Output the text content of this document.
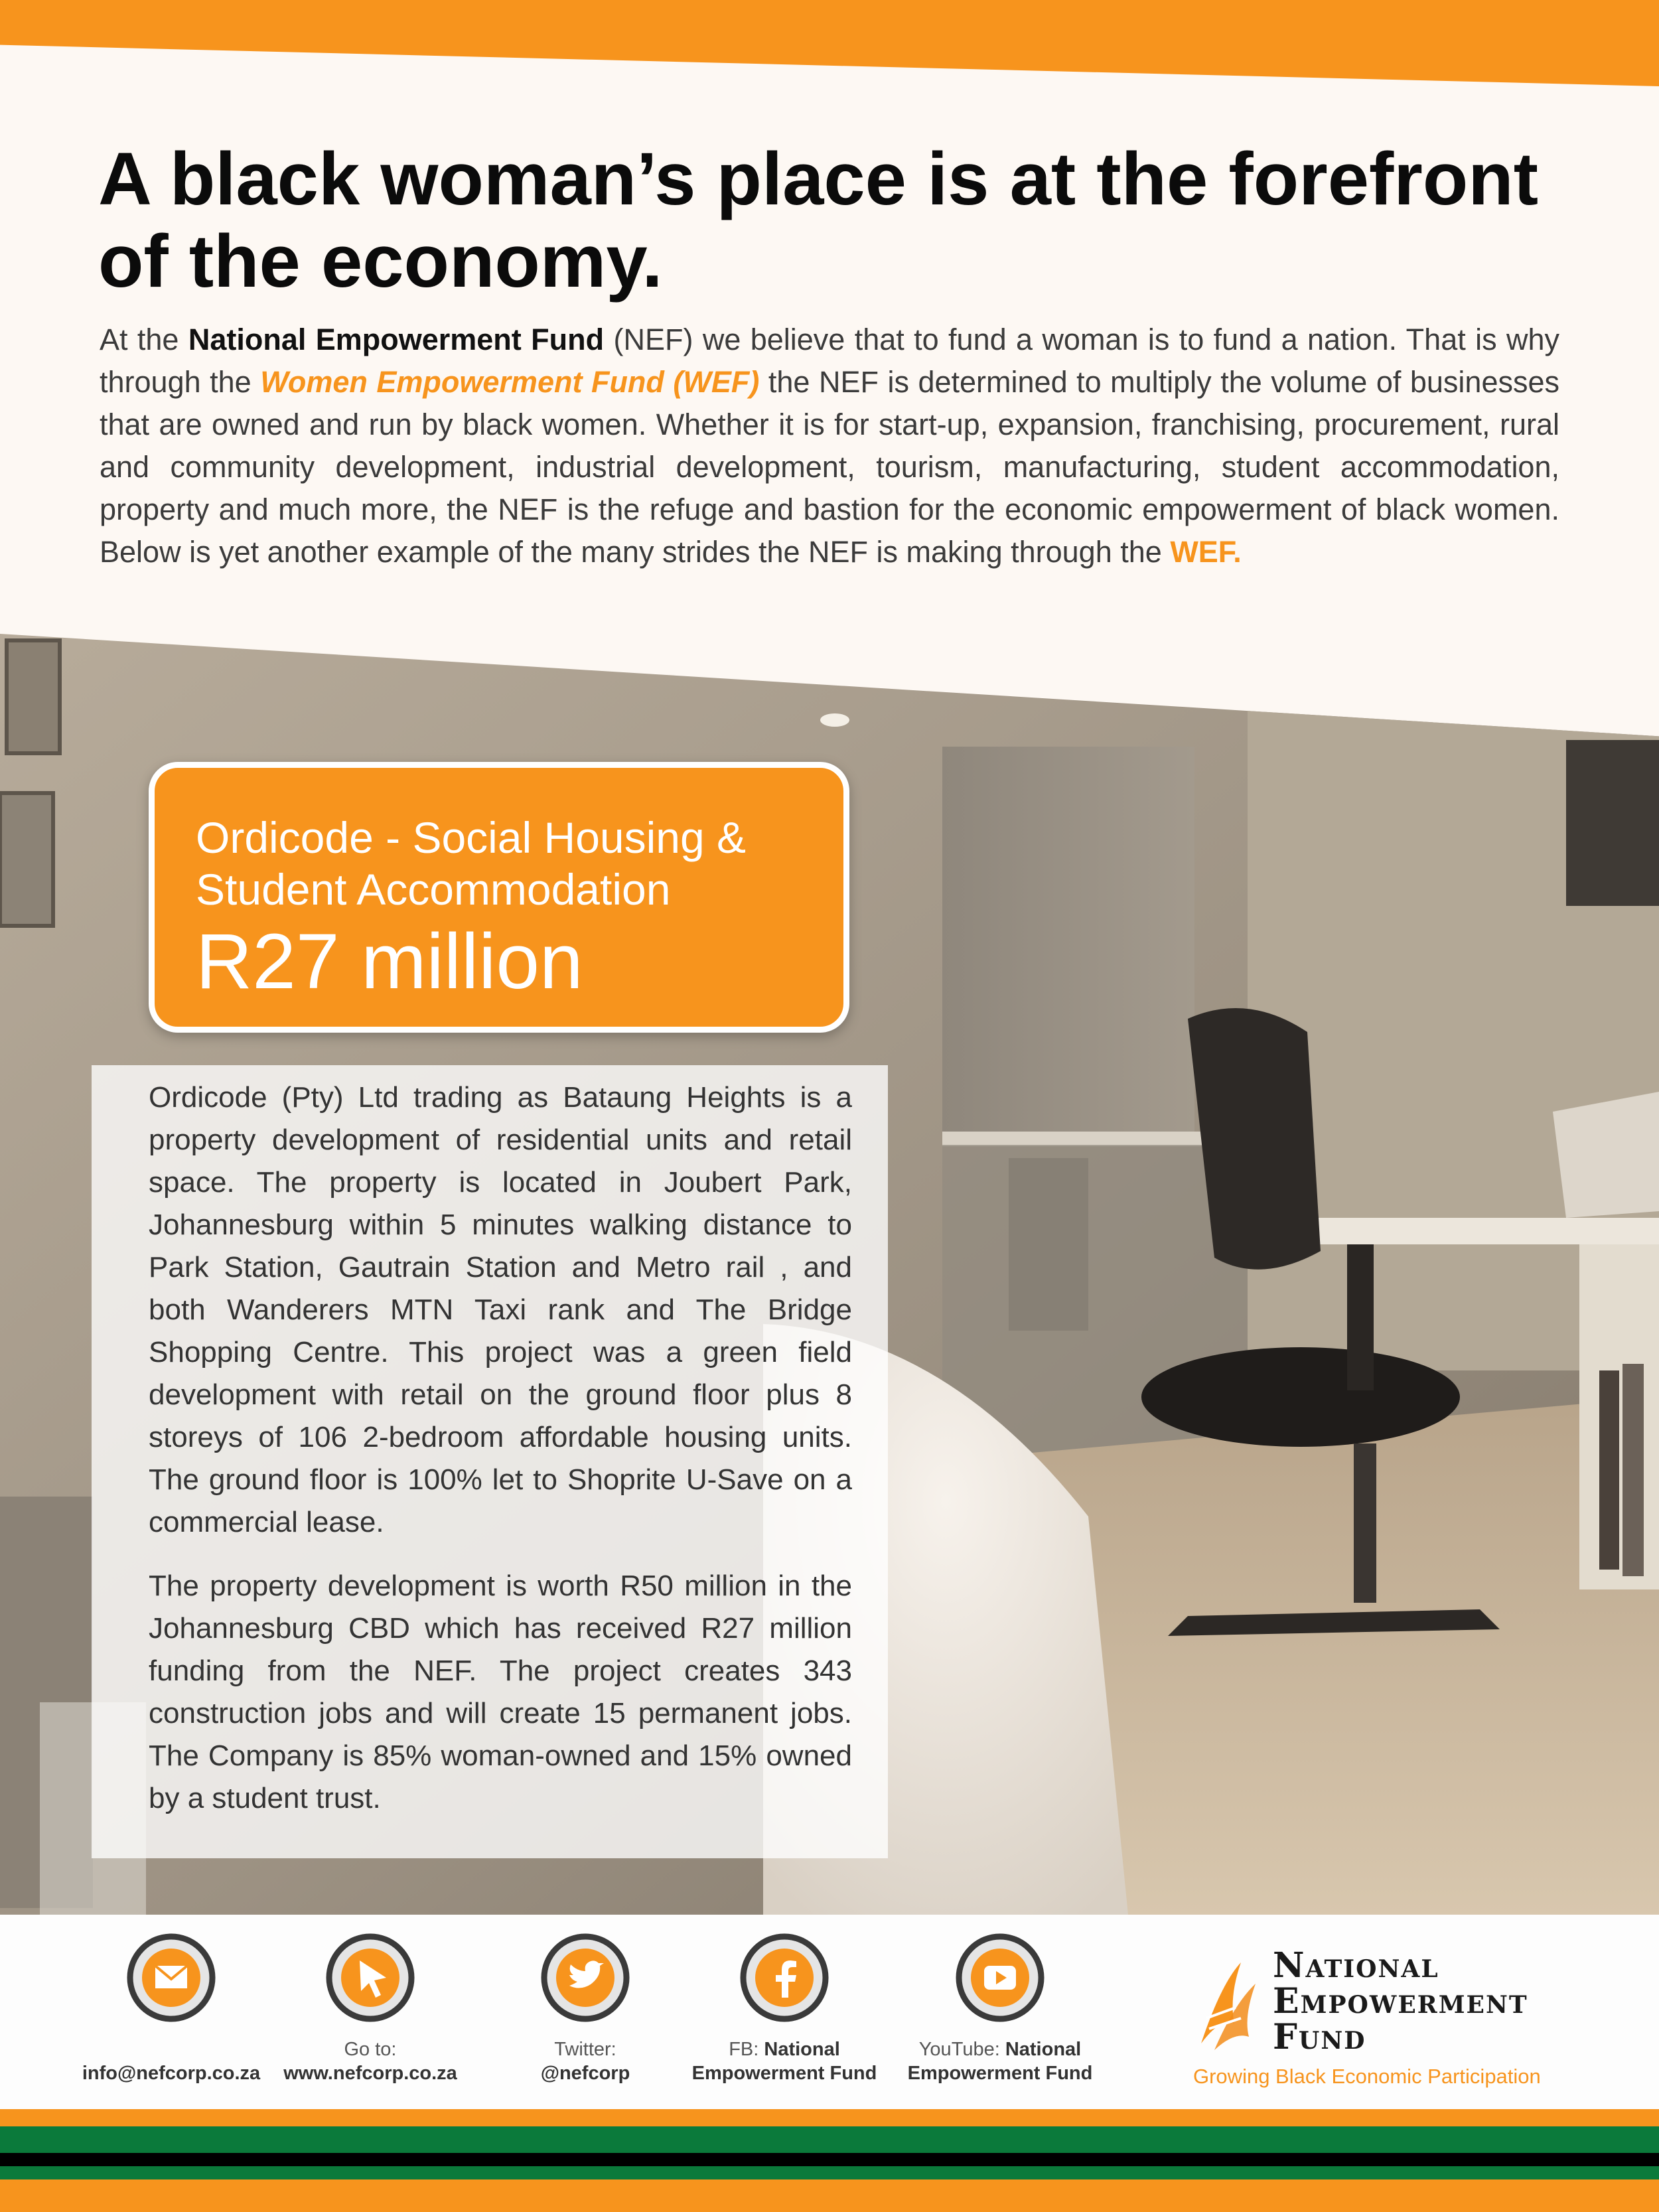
A black woman’s place is at the forefront
of the economy.

At the National Empowerment Fund (NEF) we believe that to fund a woman is to fund a nation. That is why through the Women Empowerment Fund (WEF) the NEF is determined to multiply the volume of businesses that are owned and run by black women. Whether it is for start-up, expansion, franchising, procurement, rural and community development, industrial development, tourism, manufacturing, student accommodation, property and much more, the NEF is the refuge and bastion for the economic empowerment of black women. Below is yet another example of the many strides the NEF is making through the WEF.

Ordicode - Social Housing &
Student Accommodation

R27 million

Ordicode (Pty) Ltd trading as Bataung Heights is a property development of residential units and retail space. The property is located in Joubert Park, Johannesburg within 5 minutes walking distance to Park Station, Gautrain Station and Metro rail , and both Wanderers MTN Taxi rank and The Bridge Shopping Centre. This project was a green field development with retail on the ground floor plus 8 storeys of 106 2-bedroom affordable housing units. The ground floor is 100% let to Shoprite U-Save on a commercial lease.

The property development is worth R50 million in the Johannesburg CBD which has received R27 million funding from the NEF. The project creates 343 construction jobs and will create 15 permanent jobs. The Company is 85% woman-owned and 15% owned by a student trust.

info@nefcorp.co.za
Go to:
www.nefcorp.co.za
Twitter:
@nefcorp
FB: National
Empowerment Fund
YouTube: National
Empowerment Fund
National
Empowerment
Fund

Growing Black Economic Participation
